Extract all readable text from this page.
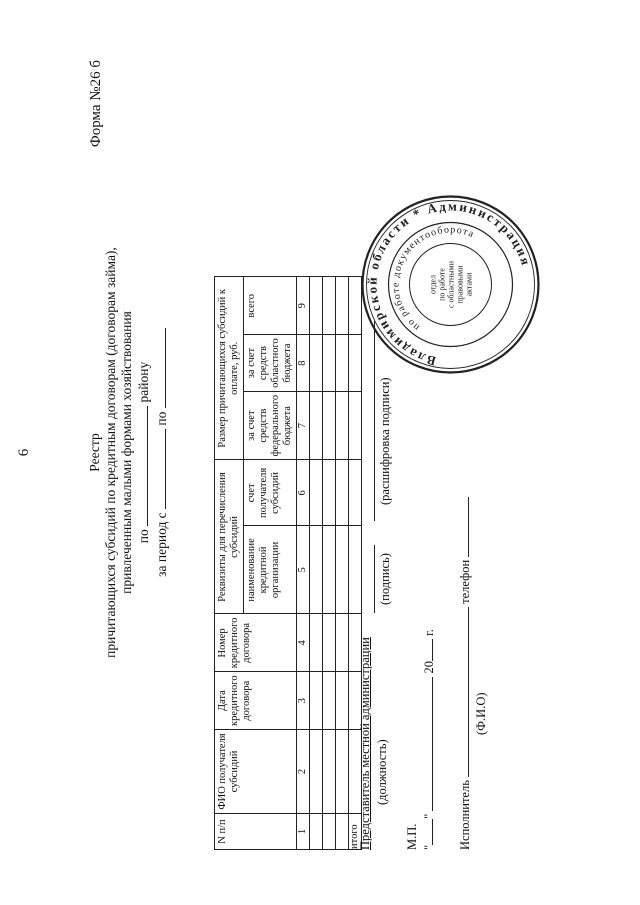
6
Форма №26 б
Реестр причитающихся субсидий по кредитным договорам (договорам займа), привлеченным малыми формами хозяйствования по  району
за период с  по
N п/п	ФИО получателя субсидий	Дата кредитного договора	Номер кредитного договора	Реквизиты для перечисления субсидий		Размер причитающихся субсидий к оплате, руб.		
				наименование кредитной организации	счет получателя субсидий	за счет средств федерального бюджета	за счет средств областного бюджета	всего
1	2	3	4	5	6	7	8	9

итого								
Представитель местной администрации (должность)
(подпись)
(расшифровка подписи)
М.П. ""  20 г.
Исполнитель  телефон
(Ф.И.О)
Владимирской области * Администрация
по работе документооборота
отдел по работе с областными правовыми актами
